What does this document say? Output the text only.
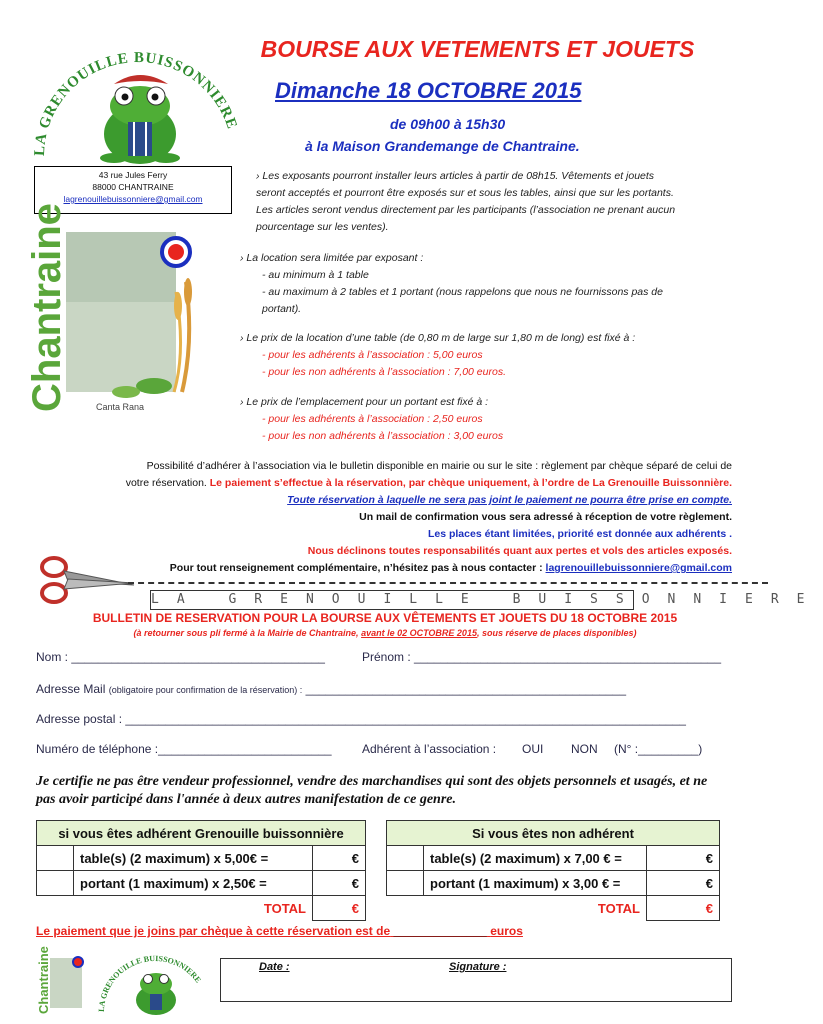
LA GRENOUILLE BUISSONNIERE
BOURSE AUX VETEMENTS ET JOUETS
Dimanche 18 OCTOBRE 2015
de 09h00 à 15h30
à la Maison Grandemange de Chantraine.
43 rue Jules Ferry
88000 CHANTRAINE
lagrenouillebuissonniere@gmail.com
Chantraine	Canta Rana
› Les exposants pourront installer leurs articles à partir de 08h15. Vêtements et jouets
seront acceptés et pourront être exposés sur et sous les tables, ainsi que sur les portants.
Les articles seront vendus directement par les participants (l’association ne prenant aucun
pourcentage sur les ventes).
› La location sera limitée par exposant :
- au minimum à 1 table
- au maximum à 2 tables et 1 portant (nous rappelons que nous ne fournissons pas de
portant).
› Le prix de la location d’une table (de 0,80 m de large sur 1,80 m de long) est fixé à :
- pour les adhérents à l’association : 5,00 euros
- pour les non adhérents à l’association : 7,00 euros.
› Le prix de l’emplacement pour un portant est fixé à :
- pour les adhérents à l’association : 2,50 euros
- pour les non adhérents à l’association : 3,00 euros
Possibilité d’adhérer à l’association via le bulletin disponible en mairie ou sur le site : règlement par chèque séparé de celui de
votre réservation. Le paiement s’effectue à la réservation, par chèque uniquement, à l’ordre de La Grenouille Buissonnière.
Toute réservation à laquelle ne sera pas joint le paiement ne pourra être prise en compte.
Un mail de confirmation vous sera adressé à réception de votre règlement.
Les places étant limitées, priorité est donnée aux adhérents .
Nous déclinons toutes responsabilités quant aux pertes et vols des articles exposés.
Pour tout renseignement complémentaire, n’hésitez pas à nous contacter : lagrenouillebuissonniere@gmail.com
LA GRENOUILLE BUISSONNIERE
BULLETIN DE RESERVATION POUR LA BOURSE AUX VÊTEMENTS ET JOUETS DU 18 OCTOBRE 2015
(à retourner sous pli fermé à la Mairie de Chantraine, avant le 02 OCTOBRE 2015, sous réserve de places disponibles)
Nom : ______________________________________	Prénom : ______________________________________________
Adresse Mail (obligatoire pour confirmation de la réservation) : ________________________________________________
Adresse postal : ____________________________________________________________________________________
Numéro de téléphone :__________________________	Adhérent à l’association : OUI NON (N° :_________)
Je certifie ne pas être vendeur professionnel, vendre des marchandises qui sont des objets personnels et usagés, et ne pas avoir participé dans l'année à deux autres manifestation de ce genre.
si vous êtes adhérent Grenouille buissonnière		
	table(s) (2 maximum) x 5,00€ =	€
	portant (1 maximum) x 2,50€ =	€
	TOTAL	€
Si vous êtes non adhérent		
	table(s) (2 maximum) x 7,00 € =	€
	portant (1 maximum) x 3,00 € =	€
	TOTAL	€
Le paiement que je joins par chèque à cette réservation est de ______________ euros
Chantraine	LA GRENOUILLE BUISSONNIERE
Date :	Signature :
